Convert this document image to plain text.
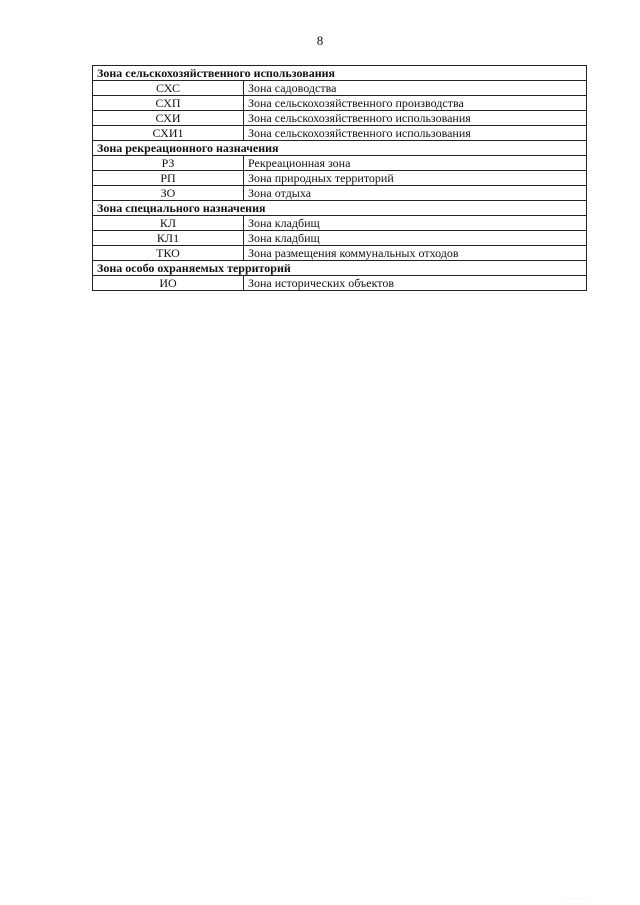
8
Зона сельскохозяйственного использования	
СХС	Зона садоводства
СХП	Зона сельскохозяйственного производства
СХИ	Зона сельскохозяйственного использования
СХИ1	Зона сельскохозяйственного использования
Зона рекреационного назначения	
РЗ	Рекреационная зона
РП	Зона природных территорий
ЗО	Зона отдыха
Зона специального назначения	
КЛ	Зона кладбищ
КЛ1	Зона кладбищ
ТКО	Зона размещения коммунальных отходов
Зона особо охраняемых территорий	
ИО	Зона исторических объектов
· · · · · ·
